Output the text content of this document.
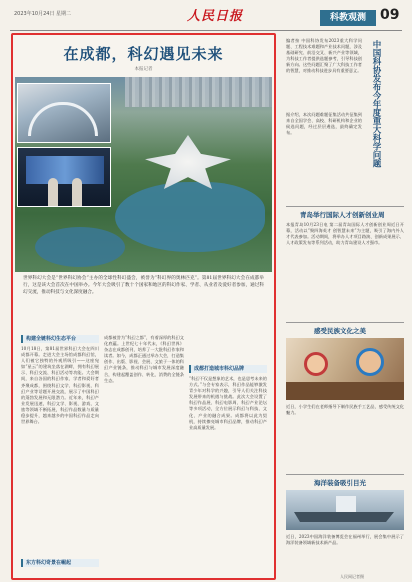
2023年10月24日 星期二	人民日报	科教观测	09
在成都，科幻遇见未来
本报记者　
世界科幻大会是“世界科幻协会”主办的全球性科幻盛会，被誉为“科幻界的奥林匹克”。第81届世界科幻大会在成都举行，这是该大会首次在中国举办。今年大会吸引了数十个国家和地区的科幻作家、学者、从业者及爱好者参加，通过科幻交流，推动科技与文化深度融合。
构建全链科幻生态平台
10月18日，第81届世界科幻大会在四川成都开幕。走进大会主场馆成都科幻馆，人们被它独特的外观所吸引——这座宛如“星云”的建筑坐落在湖畔，拥有科幻展示、科幻交流、科幻活动等功能。大会期间，来自各国的科幻作家、学者和爱好者齐聚成都，围绕科幻文学、科幻影视、科幻产业等话题开展交流，展示了中国科幻的蓬勃发展和无限潜力。近年来，科幻产业发展迅速，科幻文学、影视、游戏、文旅等领域不断拓展，科幻作品数量与质量稳步提升，越来越多的中国科幻作品走向世界舞台。
东方科幻奇景在崛起
成都被誉为“科幻之都”，有着深厚的科幻文化底蕴。上世纪七十年代末，《科幻世界》杂志在成都创刊，培养了一大批科幻作家和读者。如今，成都正通过举办大会，打造集创作、出版、影视、会展、文旅于一体的科幻产业链条，推动科幻与城市发展深度融合，构建起覆盖创作、转化、消费的全链条生态。
成都打造城市科幻品牌
“科幻不仅是想象的艺术，也是思考未来的方式。”与会专家表示，科幻作品能够激发青少年对科学的兴趣，引导人们关注科技发展带来的机遇与挑战。此次大会设置了科幻作品展、科幻电影周、科幻产业论坛等多项活动，全方位展示科幻与科技、文化、产业的融合成果。成都将以此为契机，持续擦亮城市科幻品牌，推动科幻产业高质量发展。
编者按 中国科协发布2023重大科学问题、工程技术难题和产业技术问题，涉及基础研究、前沿交叉、新兴产业等领域，为科技工作者提供选题参考，引导科技创新方向。这些问题汇聚了广大科技工作者的智慧，对推动科技进步具有重要意义。
据介绍，本次问题难题征集活动共征集到来自全国学会、高校、科研机构和企业的候选问题，经过层层遴选，最终确定发布。	中国科协发布今年度重大科学问题
青岛举行国际人才创新创业周
本报青岛10月23日电 第二届青岛国际人才创新创业周近日开幕，活动以“聚四海英才 创智慧未来”为主题，吸引了海内外人才代表参加。活动期间，将举办人才项目路演、创新成果展示、人才政策发布等系列活动，助力青岛建设人才强市。
感受民族文化之美
近日，小学生们在老师指导下制作民族手工艺品，感受传统文化魅力。
海洋装备吸引目光
近日，2023中国海洋装备博览会在福州举行，展会集中展示了海洋装备领域新技术新产品。
人民网记者摄
